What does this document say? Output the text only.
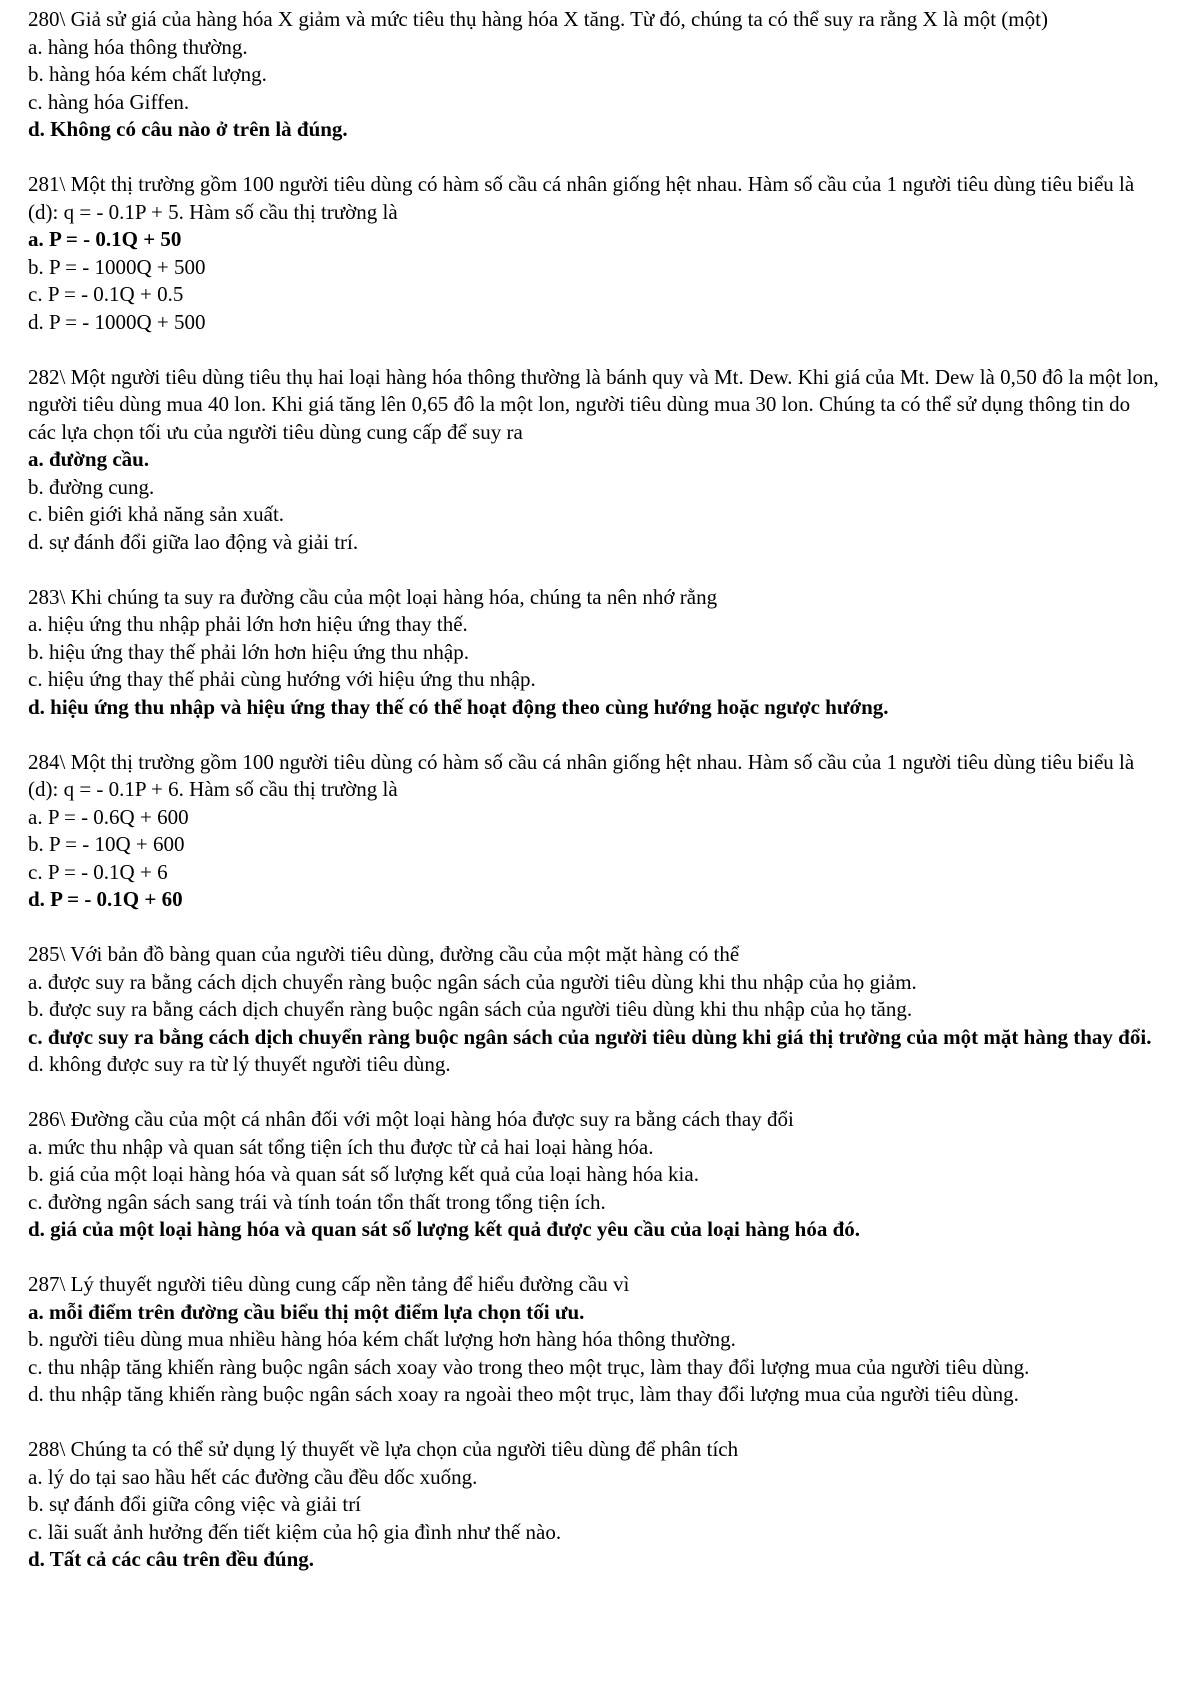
280\ Giả sử giá của hàng hóa X giảm và mức tiêu thụ hàng hóa X tăng. Từ đó, chúng ta có thể suy ra rằng X là một (một)
a. hàng hóa thông thường.
b. hàng hóa kém chất lượng.
c. hàng hóa Giffen.
d. Không có câu nào ở trên là đúng.
281\ Một thị trường gồm 100 người tiêu dùng có hàm số cầu cá nhân giống hệt nhau. Hàm số cầu của 1 người tiêu dùng tiêu biểu là (d): q = - 0.1P + 5. Hàm số cầu thị trường là
a. P = - 0.1Q + 50
b. P = - 1000Q + 500
c. P = - 0.1Q + 0.5
d. P = - 1000Q + 500
282\ Một người tiêu dùng tiêu thụ hai loại hàng hóa thông thường là bánh quy và Mt. Dew. Khi giá của Mt. Dew là 0,50 đô la một lon, người tiêu dùng mua 40 lon. Khi giá tăng lên 0,65 đô la một lon, người tiêu dùng mua 30 lon. Chúng ta có thể sử dụng thông tin do các lựa chọn tối ưu của người tiêu dùng cung cấp để suy ra
a. đường cầu.
b. đường cung.
c. biên giới khả năng sản xuất.
d. sự đánh đổi giữa lao động và giải trí.
283\ Khi chúng ta suy ra đường cầu của một loại hàng hóa, chúng ta nên nhớ rằng
a. hiệu ứng thu nhập phải lớn hơn hiệu ứng thay thế.
b. hiệu ứng thay thế phải lớn hơn hiệu ứng thu nhập.
c. hiệu ứng thay thế phải cùng hướng với hiệu ứng thu nhập.
d. hiệu ứng thu nhập và hiệu ứng thay thế có thể hoạt động theo cùng hướng hoặc ngược hướng.
284\ Một thị trường gồm 100 người tiêu dùng có hàm số cầu cá nhân giống hệt nhau. Hàm số cầu của 1 người tiêu dùng tiêu biểu là (d): q = - 0.1P + 6. Hàm số cầu thị trường là
a. P = - 0.6Q + 600
b. P = - 10Q + 600
c. P = - 0.1Q + 6
d. P = - 0.1Q + 60
285\ Với bản đồ bàng quan của người tiêu dùng, đường cầu của một mặt hàng có thể
a. được suy ra bằng cách dịch chuyển ràng buộc ngân sách của người tiêu dùng khi thu nhập của họ giảm.
b. được suy ra bằng cách dịch chuyển ràng buộc ngân sách của người tiêu dùng khi thu nhập của họ tăng.
c. được suy ra bằng cách dịch chuyển ràng buộc ngân sách của người tiêu dùng khi giá thị trường của một mặt hàng thay đổi.
d. không được suy ra từ lý thuyết người tiêu dùng.
286\ Đường cầu của một cá nhân đối với một loại hàng hóa được suy ra bằng cách thay đổi
a. mức thu nhập và quan sát tổng tiện ích thu được từ cả hai loại hàng hóa.
b. giá của một loại hàng hóa và quan sát số lượng kết quả của loại hàng hóa kia.
c. đường ngân sách sang trái và tính toán tổn thất trong tổng tiện ích.
d. giá của một loại hàng hóa và quan sát số lượng kết quả được yêu cầu của loại hàng hóa đó.
287\ Lý thuyết người tiêu dùng cung cấp nền tảng để hiểu đường cầu vì
a. mỗi điểm trên đường cầu biểu thị một điểm lựa chọn tối ưu.
b. người tiêu dùng mua nhiều hàng hóa kém chất lượng hơn hàng hóa thông thường.
c. thu nhập tăng khiến ràng buộc ngân sách xoay vào trong theo một trục, làm thay đổi lượng mua của người tiêu dùng.
d. thu nhập tăng khiến ràng buộc ngân sách xoay ra ngoài theo một trục, làm thay đổi lượng mua của người tiêu dùng.
288\ Chúng ta có thể sử dụng lý thuyết về lựa chọn của người tiêu dùng để phân tích
a. lý do tại sao hầu hết các đường cầu đều dốc xuống.
b. sự đánh đổi giữa công việc và giải trí
c. lãi suất ảnh hưởng đến tiết kiệm của hộ gia đình như thế nào.
d. Tất cả các câu trên đều đúng.
